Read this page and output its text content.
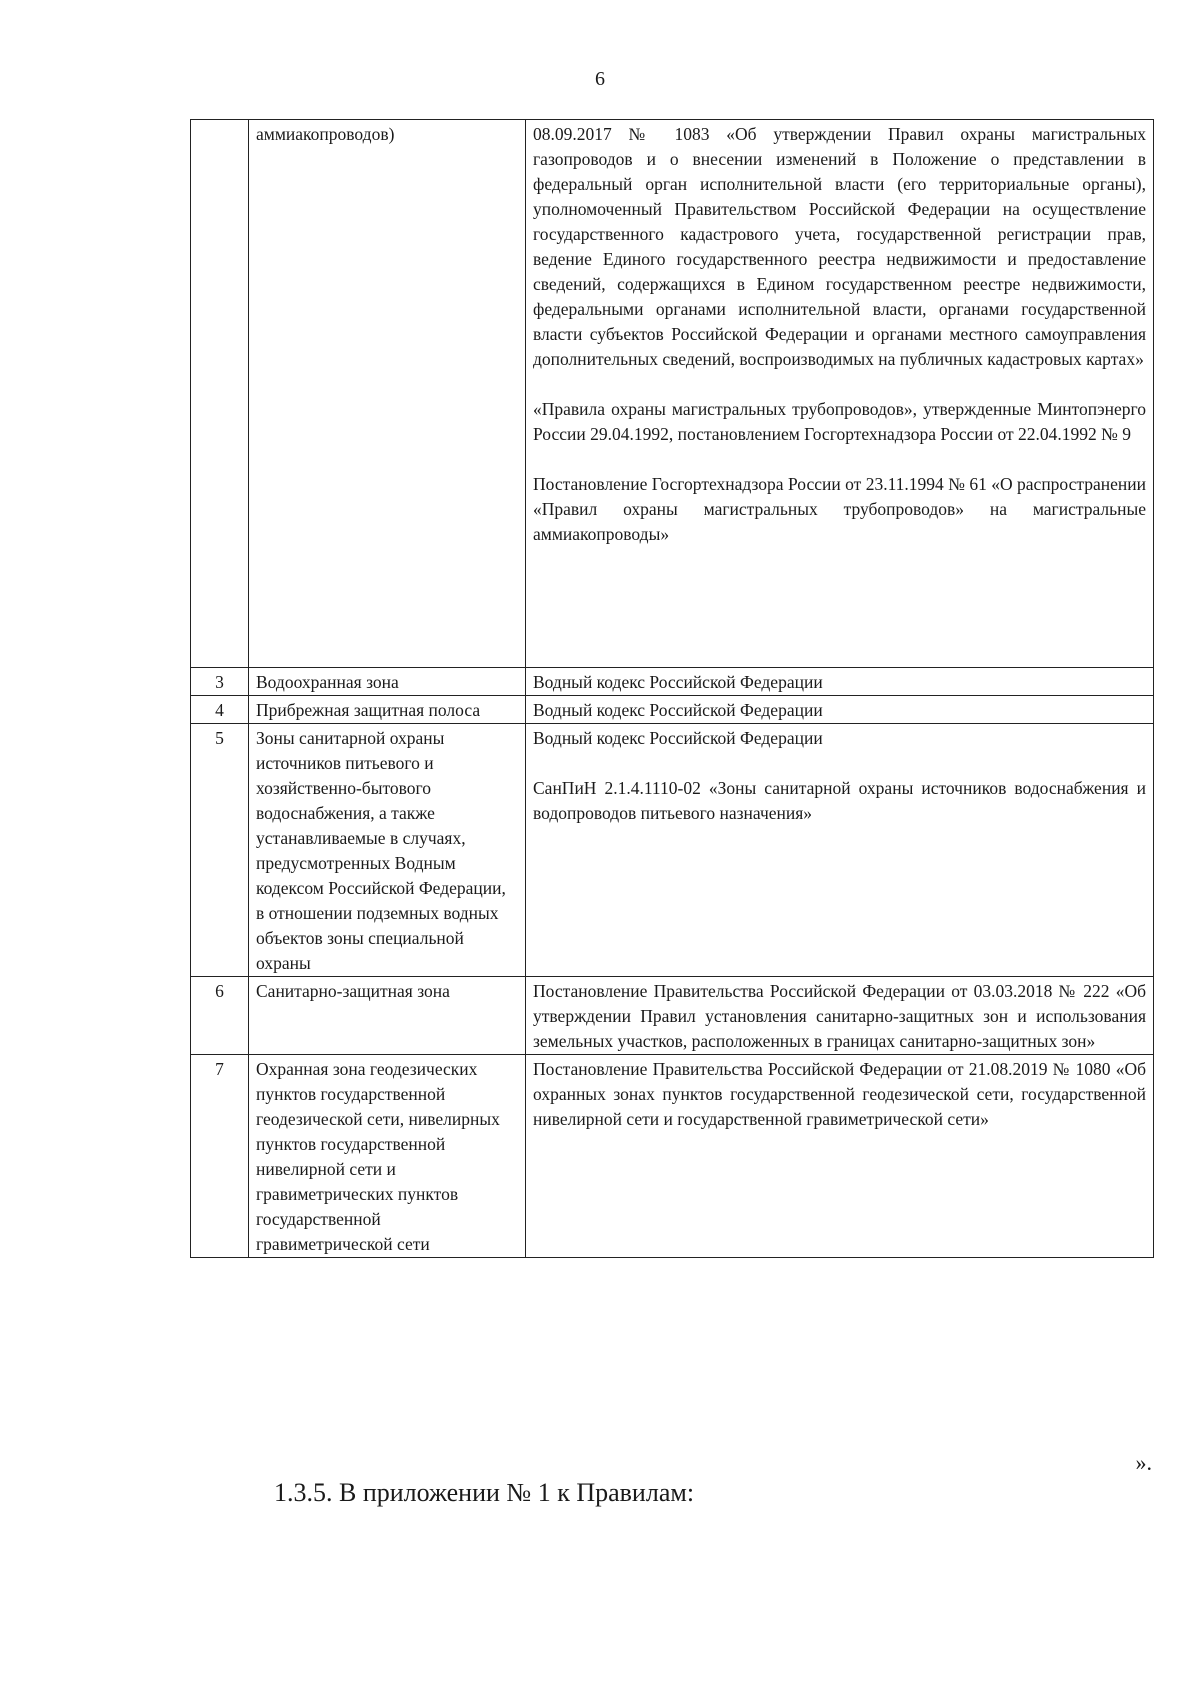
6
	аммиакопроводов)	08.09.2017 № 1083 «Об утверждении Правил охраны магистральных газопроводов и о внесении изменений в Положение о представлении в федеральный орган исполнительной власти (его территориальные органы), уполномоченный Правительством Российской Федерации на осуществление государственного кадастрового учета, государственной регистрации прав, ведение Единого государственного реестра недвижимости и предоставление сведений, содержащихся в Едином государственном реестре недвижимости, федеральными органами исполнительной власти, органами государственной власти субъектов Российской Федерации и органами местного самоуправления дополнительных сведений, воспроизводимых на публичных кадастровых картах»
«Правила охраны магистральных трубопроводов», утвержденные Минтопэнерго России 29.04.1992, постановлением Госгортехнадзора России от 22.04.1992 № 9
Постановление Госгортехнадзора России от 23.11.1994 № 61 «О распространении «Правил охраны магистральных трубопроводов» на магистральные аммиакопроводы»

3	Водоохранная зона	Водный кодекс Российской Федерации

4	Прибрежная защитная полоса	Водный кодекс Российской Федерации

5	Зоны санитарной охраны источников питьевого и хозяйственно-бытового водоснабжения, а также устанавливаемые в случаях, предусмотренных Водным кодексом Российской Федерации, в отношении подземных водных объектов зоны специальной охраны	Водный кодекс Российской Федерации
СанПиН 2.1.4.1110-02 «Зоны санитарной охраны источников водоснабжения и водопроводов питьевого назначения»

6	Санитарно-защитная зона	Постановление Правительства Российской Федерации от 03.03.2018 № 222 «Об утверждении Правил установления санитарно-защитных зон и использования земельных участков, расположенных в границах санитарно-защитных зон»

7	Охранная зона геодезических пунктов государственной геодезической сети, нивелирных пунктов государственной нивелирной сети и гравиметрических пунктов государственной гравиметрической сети	Постановление Правительства Российской Федерации от 21.08.2019 № 1080 «Об охранных зонах пунктов государственной геодезической сети, государственной нивелирной сети и государственной гравиметрической сети»
».
1.3.5. В приложении № 1 к Правилам:
